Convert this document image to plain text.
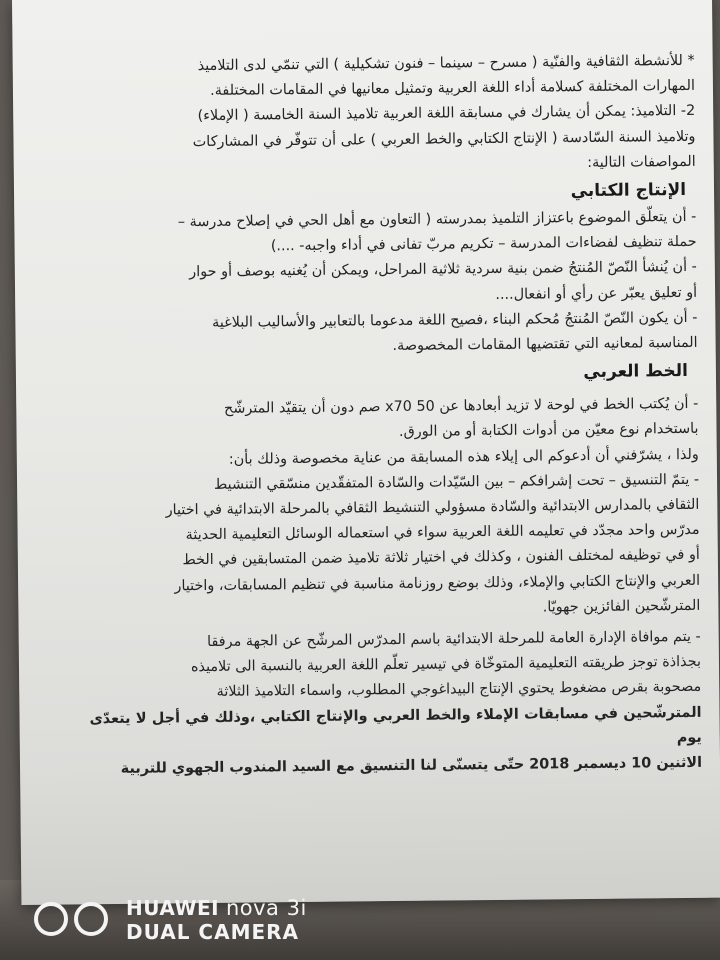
* للأنشطة الثقافية والفنّية ( مسرح – سينما – فنون تشكيلية ) التي تنمّي لدى التلاميذ

المهارات المختلفة كسلامة أداء اللغة العربية وتمثيل معانيها في المقامات المختلفة.

2- التلاميذ: يمكن أن يشارك في مسابقة اللغة العربية تلاميذ السنة الخامسة ( الإملاء)

وتلاميذ السنة السّادسة ( الإنتاج الكتابي والخط العربي ) على أن تتوفّر في المشاركات

المواصفات التالية:

الإنتاج الكتابي

- أن يتعلّق الموضوع باعتزاز التلميذ بمدرسته ( التعاون مع أهل الحي في إصلاح مدرسة –

حملة تنظيف لفضاءات المدرسة – تكريم مربّ تفانى في أداء واجبه- ....)

- أن يُنشأ النّصّ المُنتجُ ضمن بنية سردية ثلاثية المراحل، ويمكن أن يُغنيه بوصف أو حوار

أو تعليق يعبّر عن رأي أو انفعال....

- أن يكون النّصّ المُنتجُ مُحكم البناء ،فصيح اللغة مدعوما بالتعابير والأساليب البلاغية

المناسبة لمعانيه التي تقتضيها المقامات المخصوصة.

الخط العربي

- أن يُكتب الخط في لوحة لا تزيد أبعادها عن 50 x70 صم دون أن يتقيّد المترشّح

باستخدام نوع معيّن من أدوات الكتابة أو من الورق.

ولذا ، يشرّفني أن أدعوكم الى إيلاء هذه المسابقة من عناية مخصوصة وذلك بأن:

- يتمّ التنسيق – تحت إشرافكم – بين السّيّدات والسّادة المتفقّدين منسّقي التنشيط

الثقافي بالمدارس الابتدائية والسّادة مسؤولي التنشيط الثقافي بالمرحلة الابتدائية في اختيار

مدرّس واحد مجدّد في تعليمه اللغة العربية سواء في استعماله الوسائل التعليمية الحديثة

أو في توظيفه لمختلف الفنون ، وكذلك في اختيار ثلاثة تلاميذ ضمن المتسابقين في الخط

العربي والإنتاج الكتابي والإملاء، وذلك بوضع روزنامة مناسبة في تنظيم المسابقات، واختيار

المترشّحين الفائزين جهويّا.

- يتم موافاة الإدارة العامة للمرحلة الابتدائية باسم المدرّس المرشّح عن الجهة مرفقا

بجذاذة توجز طريقته التعليمية المتوخّاة في تيسير تعلّم اللغة العربية بالنسبة الى تلاميذه

مصحوبة بقرص مضغوط يحتوي الإنتاج البيداغوجي المطلوب، واسماء التلاميذ الثلاثة

المترشّحين في مسابقات الإملاء والخط العربي والإنتاج الكتابي ،وذلك في أجل لا يتعدّى يوم

الاثنين 10 ديسمبر 2018 حتّى يتسنّى لنا التنسيق مع السيد المندوب الجهوي للتربية

HUAWEI nova 3i
DUAL CAMERA
